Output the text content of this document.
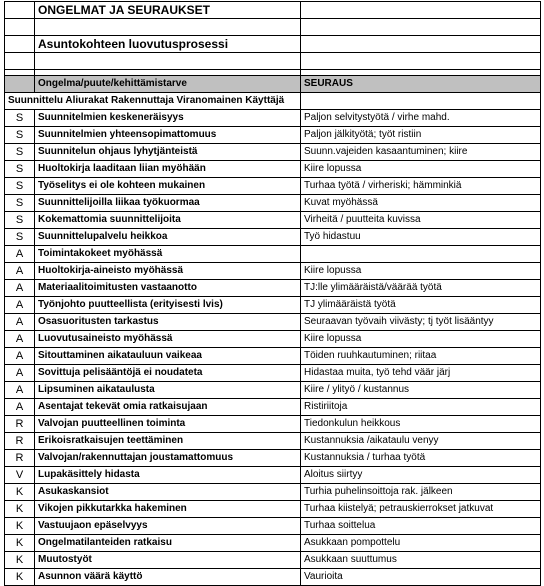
	ONGELMAT JA SEURAUKSET	

	Asuntokohteen luovutusprosessi	

	Ongelma/puute/kehittämistarve	SEURAUS
Suunnittelu Aliurakat Rakennuttaja Viranomainen Käyttäjä		
S	Suunnitelmien keskeneräisyys	Paljon selvitystyötä / virhe mahd.
S	Suunnitelmien yhteensopimattomuus	Paljon jälkityötä; työt ristiin
S	Suunnitelun ohjaus lyhytjänteistä	Suunn.vajeiden kasaantuminen; kiire
S	Huoltokirja laaditaan liian myöhään	Kiire lopussa
S	Työselitys ei ole kohteen mukainen	Turhaa työtä / virheriski; hämminkiä
S	Suunnittelijoilla liikaa työkuormaa	Kuvat myöhässä
S	Kokemattomia suunnittelijoita	Virheitä / puutteita kuvissa
S	Suunnittelupalvelu heikkoa	Työ hidastuu
A	Toimintakokeet myöhässä	
A	Huoltokirja-aineisto myöhässä	Kiire lopussa
A	Materiaalitoimitusten vastaanotto	TJ:lle ylimääräistä/väärää työtä
A	Työnjohto puutteellista (erityisesti lvis)	TJ ylimääräistä työtä
A	Osasuoritusten tarkastus	Seuraavan työvaih viivästy; tj työt lisääntyy
A	Luovutusaineisto myöhässä	Kiire lopussa
A	Sitouttaminen aikatauluun vaikeaa	Töiden ruuhkautuminen; riitaa
A	Sovittuja pelisääntöjä ei noudateta	Hidastaa muita, työ tehd väär järj
A	Lipsuminen aikataulusta	Kiire / ylityö / kustannus
A	Asentajat tekevät omia ratkaisujaan	Ristiriitoja
R	Valvojan puutteellinen toiminta	Tiedonkulun heikkous
R	Erikoisratkaisujen teettäminen	Kustannuksia /aikataulu venyy
R	Valvojan/rakennuttajan joustamattomuus	Kustannuksia / turhaa työtä
V	Lupakäsittely hidasta	Aloitus siirtyy
K	Asukaskansiot	Turhia puhelinsoittoja rak. jälkeen
K	Vikojen pikkutarkka hakeminen	Turhaa kiistelyä; petrauskierrokset jatkuvat
K	Vastuujaon epäselvyys	Turhaa soittelua
K	Ongelmatilanteiden ratkaisu	Asukkaan pompottelu
K	Muutostyöt	Asukkaan suuttumus
K	Asunnon väärä käyttö	Vaurioita
